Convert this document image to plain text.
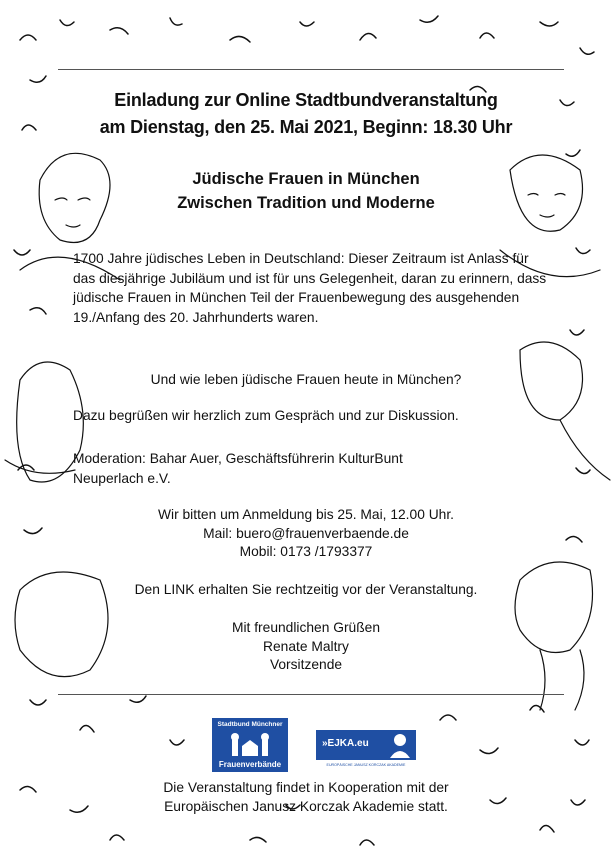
Einladung zur Online Stadtbundveranstaltung
am Dienstag, den 25. Mai 2021, Beginn: 18.30 Uhr
Jüdische Frauen in München
Zwischen Tradition und Moderne
1700 Jahre jüdisches Leben in Deutschland: Dieser Zeitraum ist Anlass für das diesjährige Jubiläum und ist für uns Gelegenheit, daran zu erinnern, dass jüdische Frauen in München Teil der Frauenbewegung des ausgehenden 19./Anfang des 20. Jahrhunderts waren.
Und wie leben jüdische Frauen heute in München?
Dazu begrüßen wir herzlich zum Gespräch und zur Diskussion.
Moderation: Bahar Auer, Geschäftsführerin KulturBunt Neuperlach e.V.
Wir bitten um Anmeldung bis 25. Mai, 12.00 Uhr.
Mail: buero@frauenverbaende.de
Mobil: 0173 /1793377
Den LINK erhalten Sie rechtzeitig vor der Veranstaltung.
Mit freundlichen Grüßen
Renate Maltry
Vorsitzende
Stadtbund Münchner
Frauenverbände
»EJKA.eu
EUROPÄISCHE JANUSZ KORCZAK AKADEMIE
Die Veranstaltung findet in Kooperation mit der
Europäischen Janusz Korczak Akademie statt.
